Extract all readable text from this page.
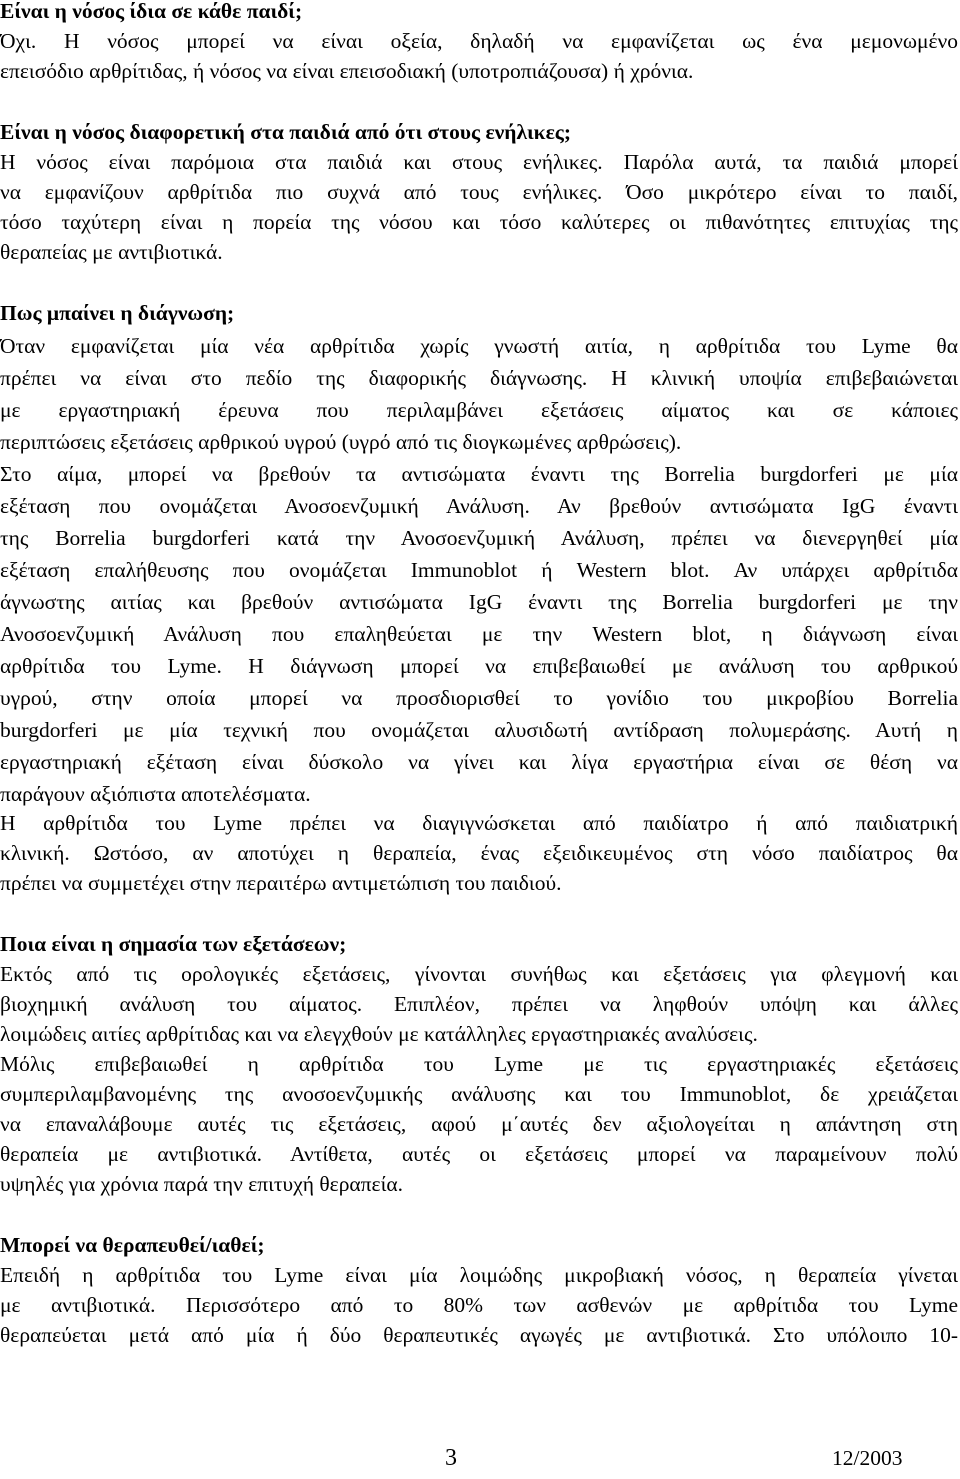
Είναι η νόσος ίδια σε κάθε παιδί;
Όχι. Η νόσος μπορεί να είναι οξεία, δηλαδή να εμφανίζεται ως ένα μεμονωμένο
επεισόδιο αρθρίτιδας, ή νόσος να είναι επεισοδιακή (υποτροπιάζουσα) ή χρόνια.
Είναι η νόσος διαφορετική στα παιδιά από ότι στους ενήλικες;
Η νόσος είναι παρόμοια στα παιδιά και στους ενήλικες. Παρόλα αυτά, τα παιδιά μπορεί
να εμφανίζουν αρθρίτιδα πιο συχνά από τους ενήλικες. Όσο μικρότερο είναι το παιδί,
τόσο ταχύτερη είναι η πορεία της νόσου και τόσο καλύτερες οι πιθανότητες επιτυχίας της
θεραπείας με αντιβιοτικά.
Πως μπαίνει η διάγνωση;
Όταν εμφανίζεται μία νέα αρθρίτιδα χωρίς γνωστή αιτία, η αρθρίτιδα του Lyme θα
πρέπει να είναι στο πεδίο της διαφορικής διάγνωσης. Η κλινική υποψία επιβεβαιώνεται
με εργαστηριακή έρευνα που περιλαμβάνει εξετάσεις αίματος και σε κάποιες
περιπτώσεις εξετάσεις αρθρικού υγρού (υγρό από τις διογκωμένες αρθρώσεις).
Στο αίμα, μπορεί να βρεθούν τα αντισώματα έναντι της Borrelia burgdorferi με μία
εξέταση που ονομάζεται Ανοσοενζυμική Ανάλυση. Αν βρεθούν αντισώματα IgG έναντι
της Borrelia burgdorferi κατά την Ανοσοενζυμική Ανάλυση, πρέπει να διενεργηθεί μία
εξέταση επαλήθευσης που ονομάζεται Immunoblot ή Western blot. Αν υπάρχει αρθρίτιδα
άγνωστης αιτίας και βρεθούν αντισώματα IgG έναντι της Borrelia burgdorferi με την
Ανοσοενζυμική Ανάλυση που επαληθεύεται με την Western blot, η διάγνωση είναι
αρθρίτιδα του Lyme. Η διάγνωση μπορεί να επιβεβαιωθεί με ανάλυση του αρθρικού
υγρού, στην οποία μπορεί να προσδιορισθεί το γονίδιο του μικροβίου Borrelia
burgdorferi με μία τεχνική που ονομάζεται αλυσιδωτή αντίδραση πολυμεράσης. Αυτή η
εργαστηριακή εξέταση είναι δύσκολο να γίνει και λίγα εργαστήρια είναι σε θέση να
παράγουν αξιόπιστα αποτελέσματα.
Η αρθρίτιδα του Lyme πρέπει να διαγιγνώσκεται από παιδίατρο ή από παιδιατρική
κλινική. Ωστόσο, αν αποτύχει η θεραπεία, ένας εξειδικευμένος στη νόσο παιδίατρος θα
πρέπει να συμμετέχει στην περαιτέρω αντιμετώπιση του παιδιού.
Ποια είναι η σημασία των εξετάσεων;
Εκτός από τις ορολογικές εξετάσεις, γίνονται συνήθως και εξετάσεις για φλεγμονή και
βιοχημική ανάλυση του αίματος. Επιπλέον, πρέπει να ληφθούν υπόψη και άλλες
λοιμώδεις αιτίες αρθρίτιδας και να ελεγχθούν με κατάλληλες εργαστηριακές αναλύσεις.
Μόλις επιβεβαιωθεί η αρθρίτιδα του Lyme με τις εργαστηριακές εξετάσεις
συμπεριλαμβανομένης της ανοσοενζυμικής ανάλυσης και του Immunoblot, δε χρειάζεται
να επαναλάβουμε αυτές τις εξετάσεις, αφού μ΄αυτές δεν αξιολογείται η απάντηση στη
θεραπεία με αντιβιοτικά. Αντίθετα, αυτές οι εξετάσεις μπορεί να παραμείνουν πολύ
υψηλές για χρόνια παρά την επιτυχή θεραπεία.
Μπορεί να θεραπευθεί/ιαθεί;
Επειδή η αρθρίτιδα του Lyme είναι μία λοιμώδης μικροβιακή νόσος, η θεραπεία γίνεται
με αντιβιοτικά. Περισσότερο από το 80% των ασθενών με αρθρίτιδα του Lyme
θεραπεύεται μετά από μία ή δύο θεραπευτικές αγωγές με αντιβιοτικά. Στο υπόλοιπο 10-
3	12/2003
